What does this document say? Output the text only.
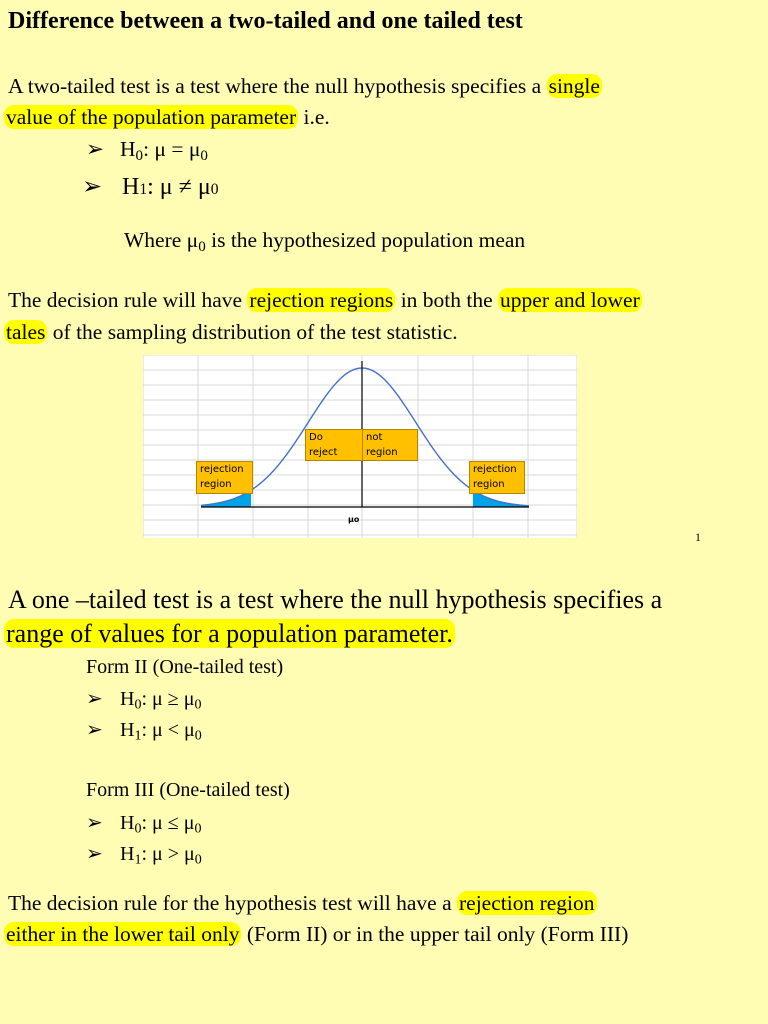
Difference between a two-tailed and one tailed test
A two-tailed test is a test where the null hypothesis specifies a single
value of the population parameter i.e.
➢ $H_0$: $\mu = \mu_0$
➢ H1: μ ≠ μ0
Where $\mu_0$ is the hypothesized population mean
The decision rule will have rejection regions in both the upper and lower
tales of the sampling distribution of the test statistic.
Do
reject
not
region
rejection
region
rejection
region
μo
1
A one –tailed test is a test where the null hypothesis specifies a
range of values for a population parameter.
Form II (One-tailed test)
➢ $H_0$: $\mu \ge \mu_0$
➢ $H_1$: $\mu < \mu_0$
Form III (One-tailed test)
➢ $H_0$: $\mu \le \mu_0$
➢ $H_1$: $\mu > \mu_0$
The decision rule for the hypothesis test will have a rejection region
either in the lower tail only (Form II) or in the upper tail only (Form III)
